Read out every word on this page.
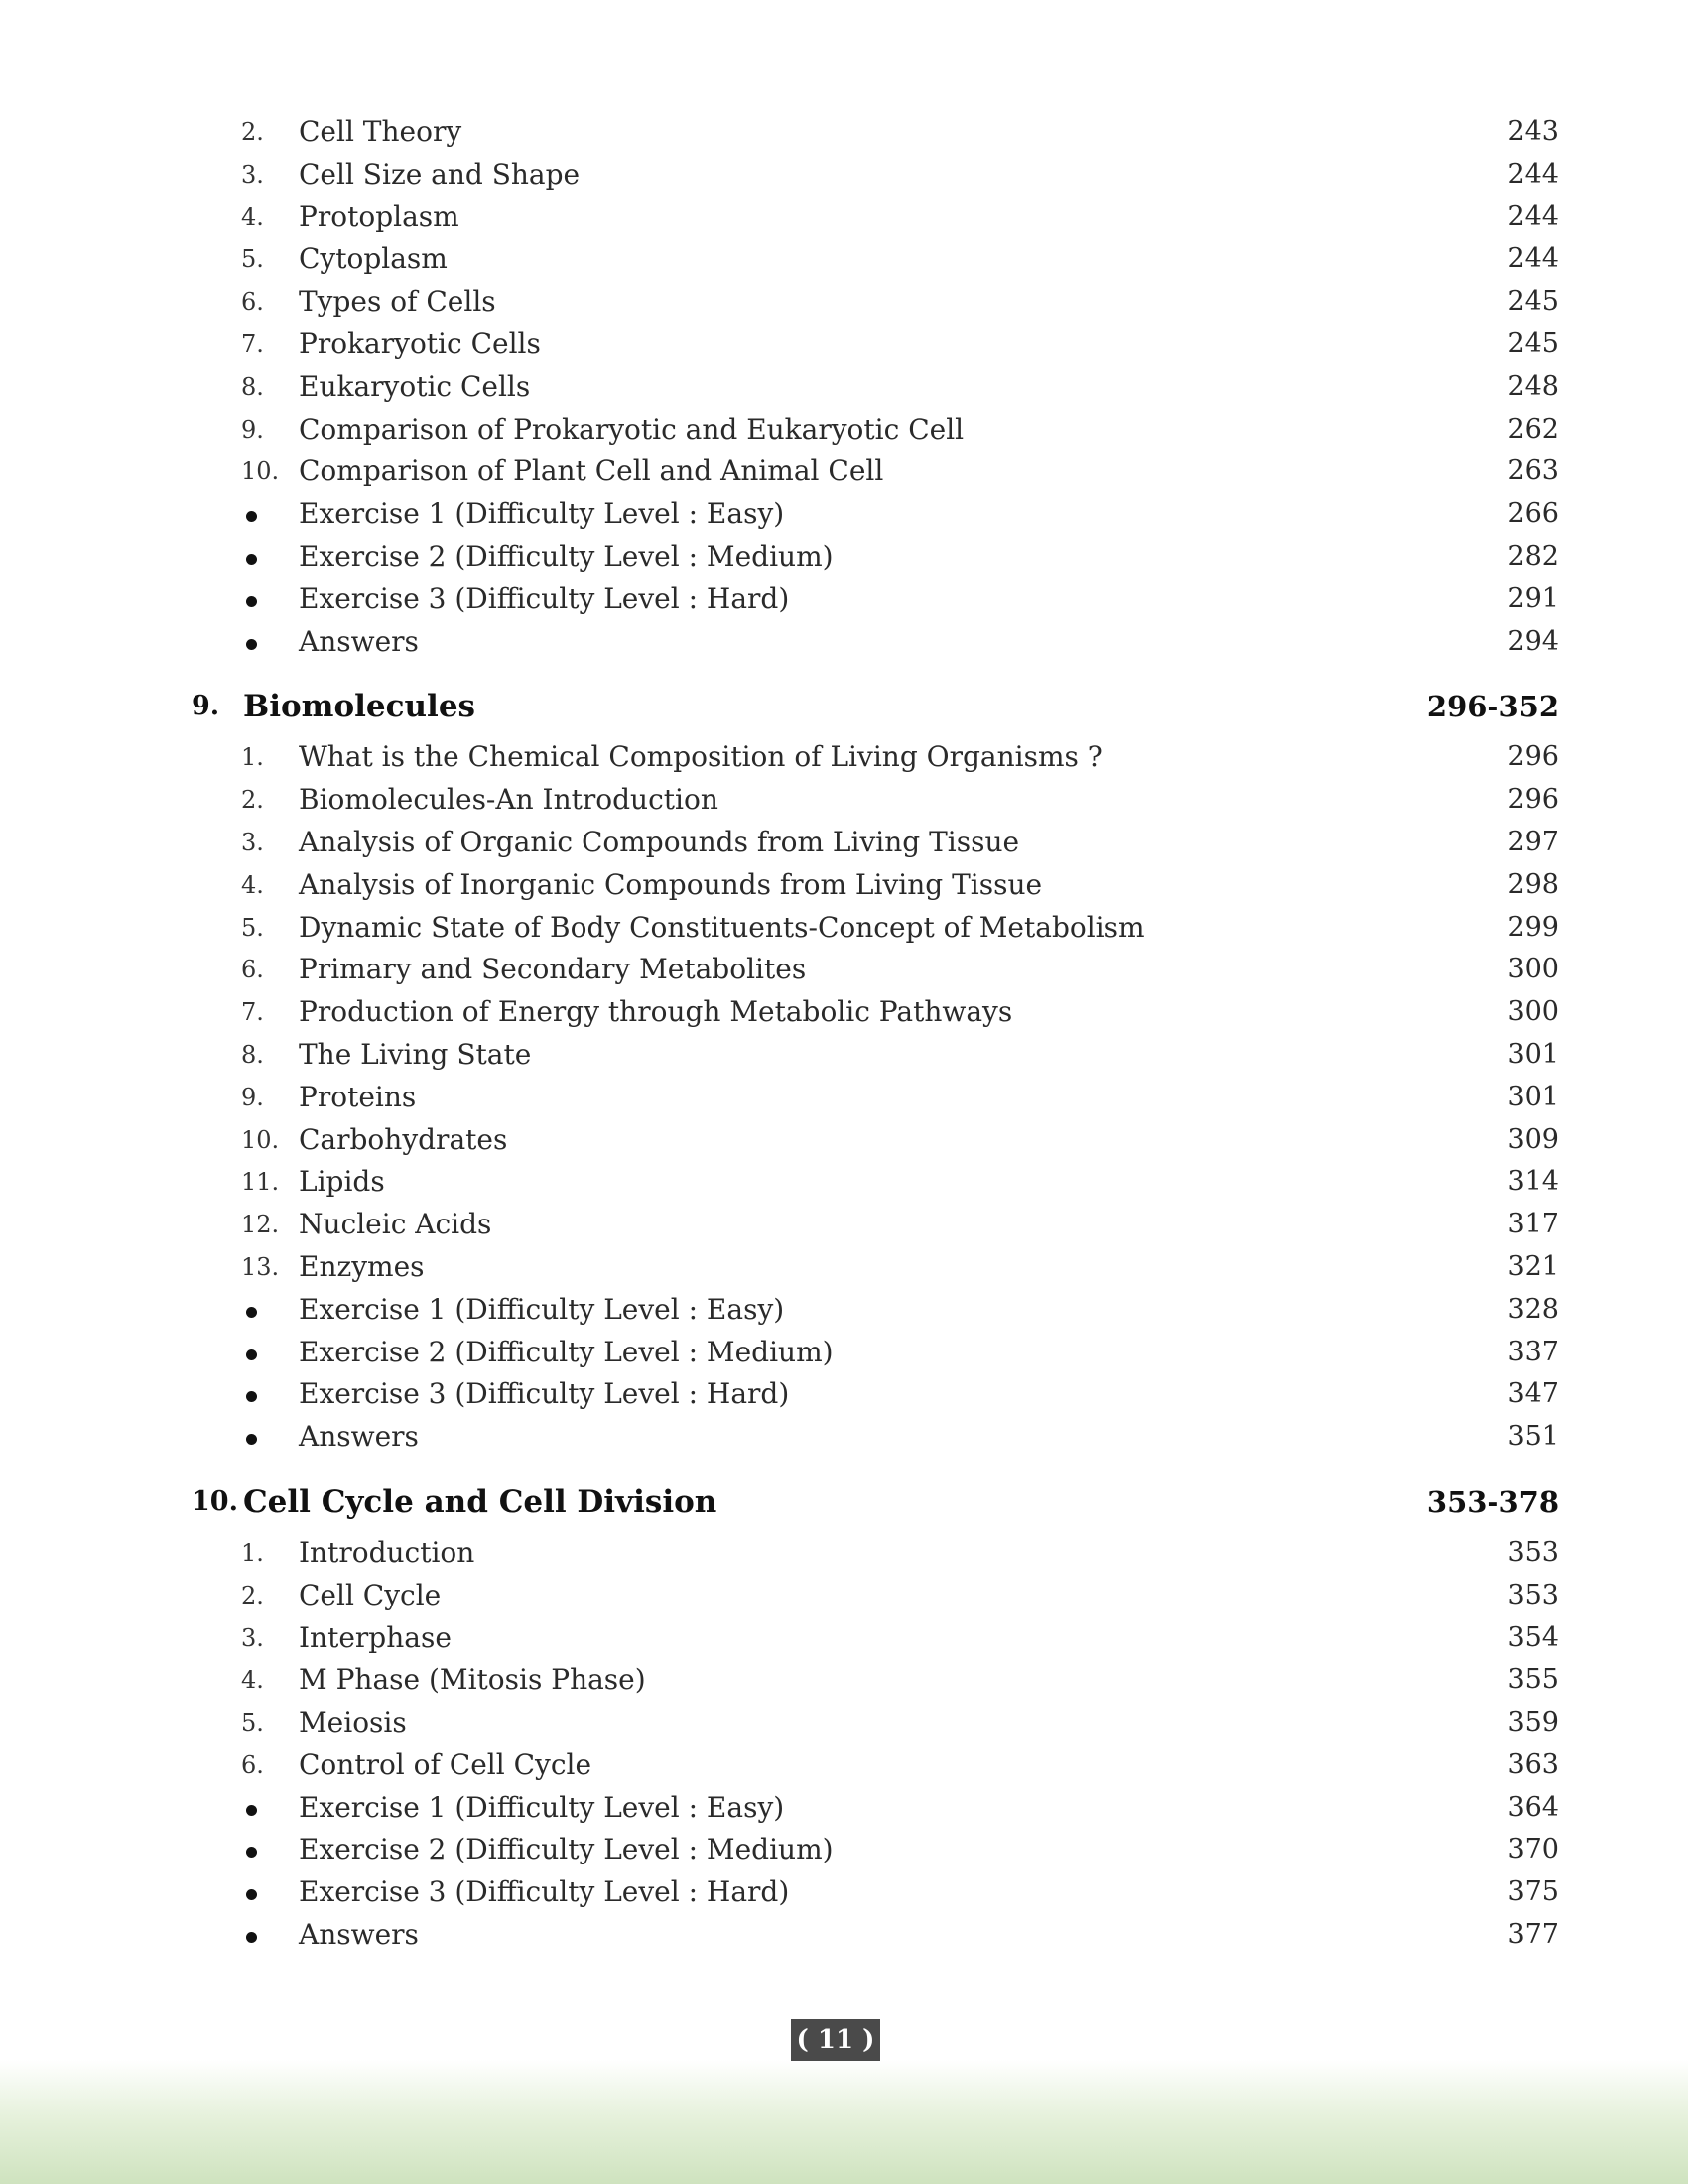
2.	Cell Theory	243
3.	Cell Size and Shape	244
4.	Protoplasm	244
5.	Cytoplasm	244
6.	Types of Cells	245
7.	Prokaryotic Cells	245
8.	Eukaryotic Cells	248
9.	Comparison of Prokaryotic and Eukaryotic Cell	262
10. Comparison of Plant Cell and Animal Cell	263
Exercise 1 (Difficulty Level : Easy)	266
Exercise 2 (Difficulty Level : Medium)	282
Exercise 3 (Difficulty Level : Hard)	291
Answers	294
9. Biomolecules	296-352
1.	What is the Chemical Composition of Living Organisms ?	296
2.	Biomolecules-An Introduction	296
3.	Analysis of Organic Compounds from Living Tissue	297
4.	Analysis of Inorganic Compounds from Living Tissue	298
5.	Dynamic State of Body Constituents-Concept of Metabolism	299
6.	Primary and Secondary Metabolites	300
7.	Production of Energy through Metabolic Pathways	300
8.	The Living State	301
9.	Proteins	301
10. Carbohydrates	309
11. Lipids	314
12. Nucleic Acids	317
13. Enzymes	321
Exercise 1 (Difficulty Level : Easy)	328
Exercise 2 (Difficulty Level : Medium)	337
Exercise 3 (Difficulty Level : Hard)	347
Answers	351
10. Cell Cycle and Cell Division	353-378
1.	Introduction	353
2.	Cell Cycle	353
3.	Interphase	354
4.	M Phase (Mitosis Phase)	355
5.	Meiosis	359
6.	Control of Cell Cycle	363
Exercise 1 (Difficulty Level : Easy)	364
Exercise 2 (Difficulty Level : Medium)	370
Exercise 3 (Difficulty Level : Hard)	375
Answers	377
( 11 )
